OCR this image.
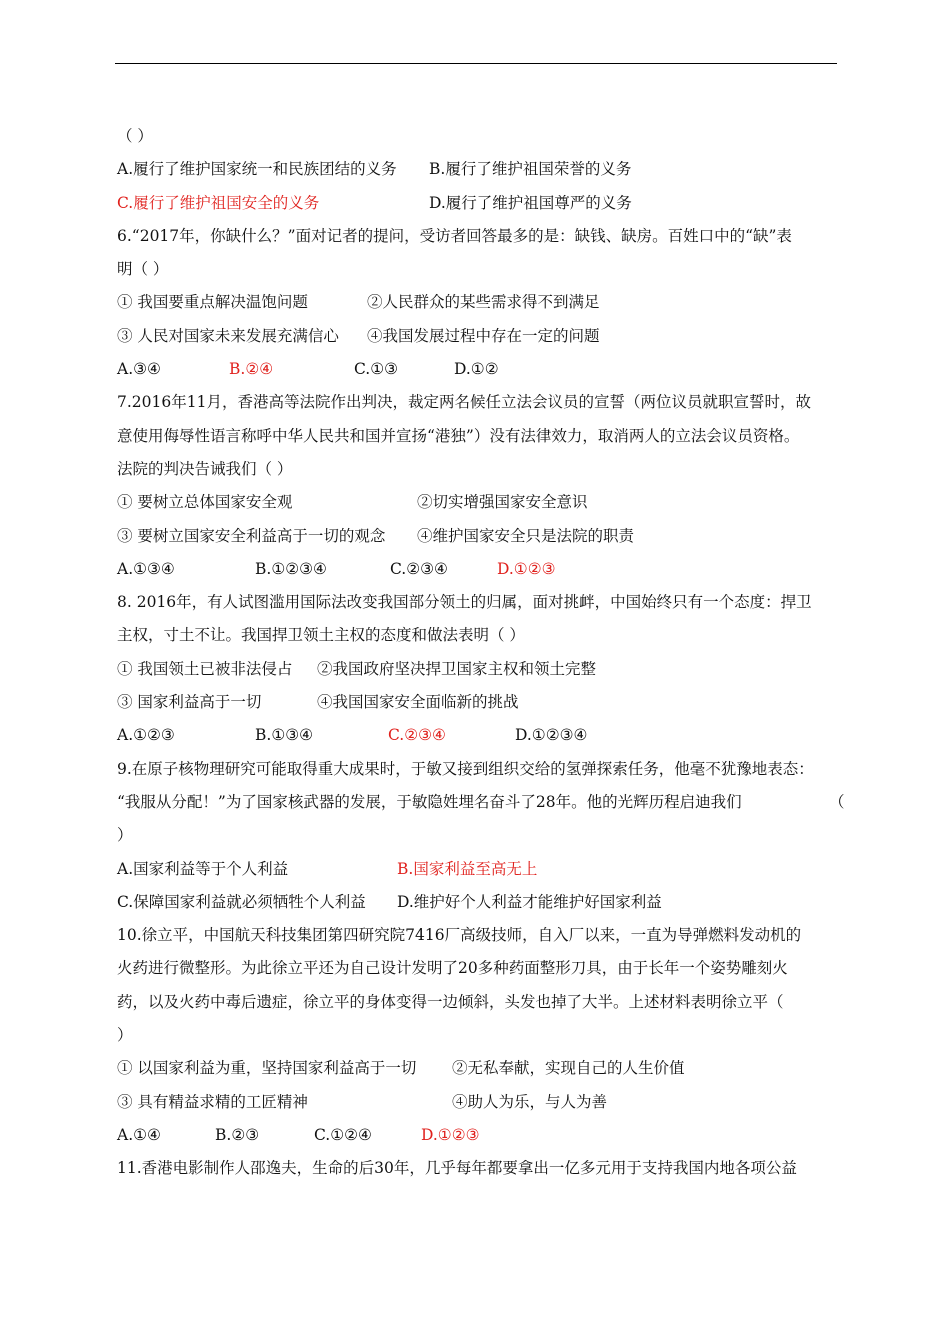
（ ）
A.履行了维护国家统一和民族团结的义务 B.履行了维护祖国荣誉的义务
C.履行了维护祖国安全的义务	D.履行了维护祖国尊严的义务
6.“2017年，你缺什么？”面对记者的提问，受访者回答最多的是：缺钱、缺房。百姓口中的“缺”表
明（ ）
① 我国要重点解决温饱问题	②人民群众的某些需求得不到满足
③ 人民对国家未来发展充满信心 ④我国发展过程中存在一定的问题
A.③④	B.②④	C.①③	D.①②
7.2016年11月，香港高等法院作出判决，裁定两名候任立法会议员的宣誓（两位议员就职宣誓时，故
意使用侮辱性语言称呼中华人民共和国并宣扬“港独”）没有法律效力，取消两人的立法会议员资格。
法院的判决告诫我们（ ）
① 要树立总体国家安全观	②切实增强国家安全意识
③ 要树立国家安全利益高于一切的观念 ④维护国家安全只是法院的职责
A.①③④	B.①②③④	C.②③④	D.①②③
8. 2016年，有人试图滥用国际法改变我国部分领土的归属，面对挑衅，中国始终只有一个态度：捍卫
主权，寸土不让。我国捍卫领土主权的态度和做法表明（ ）
① 我国领土已被非法侵占 ②我国政府坚决捍卫国家主权和领土完整
③ 国家利益高于一切	④我国国家安全面临新的挑战
A.①②③	B.①③④	C.②③④	D.①②③④
9.在原子核物理研究可能取得重大成果时，于敏又接到组织交给的氢弹探索任务，他毫不犹豫地表态：
“我服从分配！”为了国家核武器的发展，于敏隐姓埋名奋斗了28年。他的光辉历程启迪我们	（
）
A.国家利益等于个人利益	B.国家利益至高无上
C.保障国家利益就必须牺牲个人利益 D.维护好个人利益才能维护好国家利益
10.徐立平，中国航天科技集团第四研究院7416厂高级技师，自入厂以来，一直为导弹燃料发动机的
火药进行微整形。为此徐立平还为自己设计发明了20多种药面整形刀具，由于长年一个姿势雕刻火
药，以及火药中毒后遗症，徐立平的身体变得一边倾斜，头发也掉了大半。上述材料表明徐立平（
）
① 以国家利益为重，坚持国家利益高于一切 ②无私奉献，实现自己的人生价值
③ 具有精益求精的工匠精神	④助人为乐，与人为善
A.①④	B.②③	C.①②④	D.①②③
11.香港电影制作人邵逸夫，生命的后30年，几乎每年都要拿出一亿多元用于支持我国内地各项公益
